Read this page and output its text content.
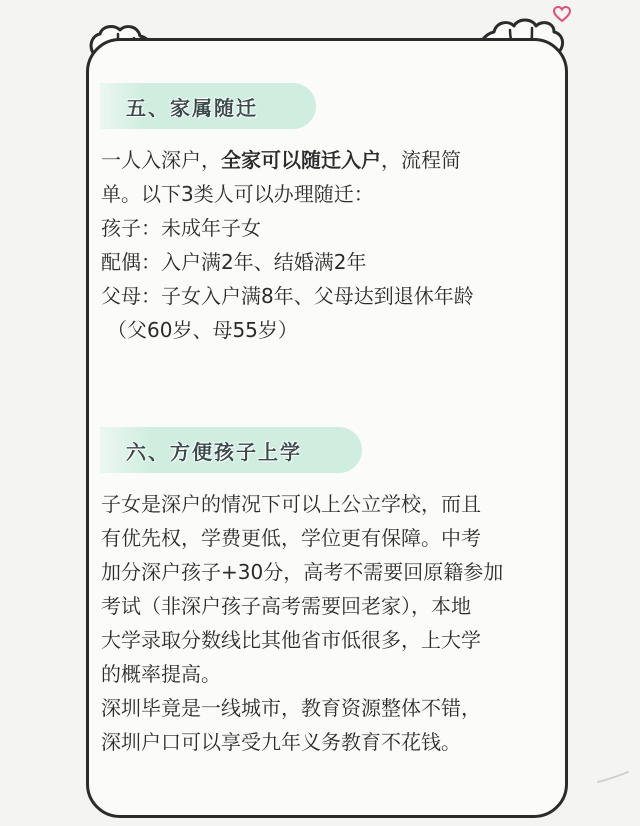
五、家属随迁

一人入深户，全家可以随迁入户，流程简

单。以下3类人可以办理随迁：

孩子：未成年子女

配偶：入户满2年、结婚满2年

父母：子女入户满8年、父母达到退休年龄

（父60岁、母55岁）

六、方便孩子上学

子女是深户的情况下可以上公立学校，而且

有优先权，学费更低，学位更有保障。中考

加分深户孩子+30分，高考不需要回原籍参加

考试（非深户孩子高考需要回老家），本地

大学录取分数线比其他省市低很多，上大学

的概率提高。

深圳毕竟是一线城市，教育资源整体不错，

深圳户口可以享受九年义务教育不花钱。
